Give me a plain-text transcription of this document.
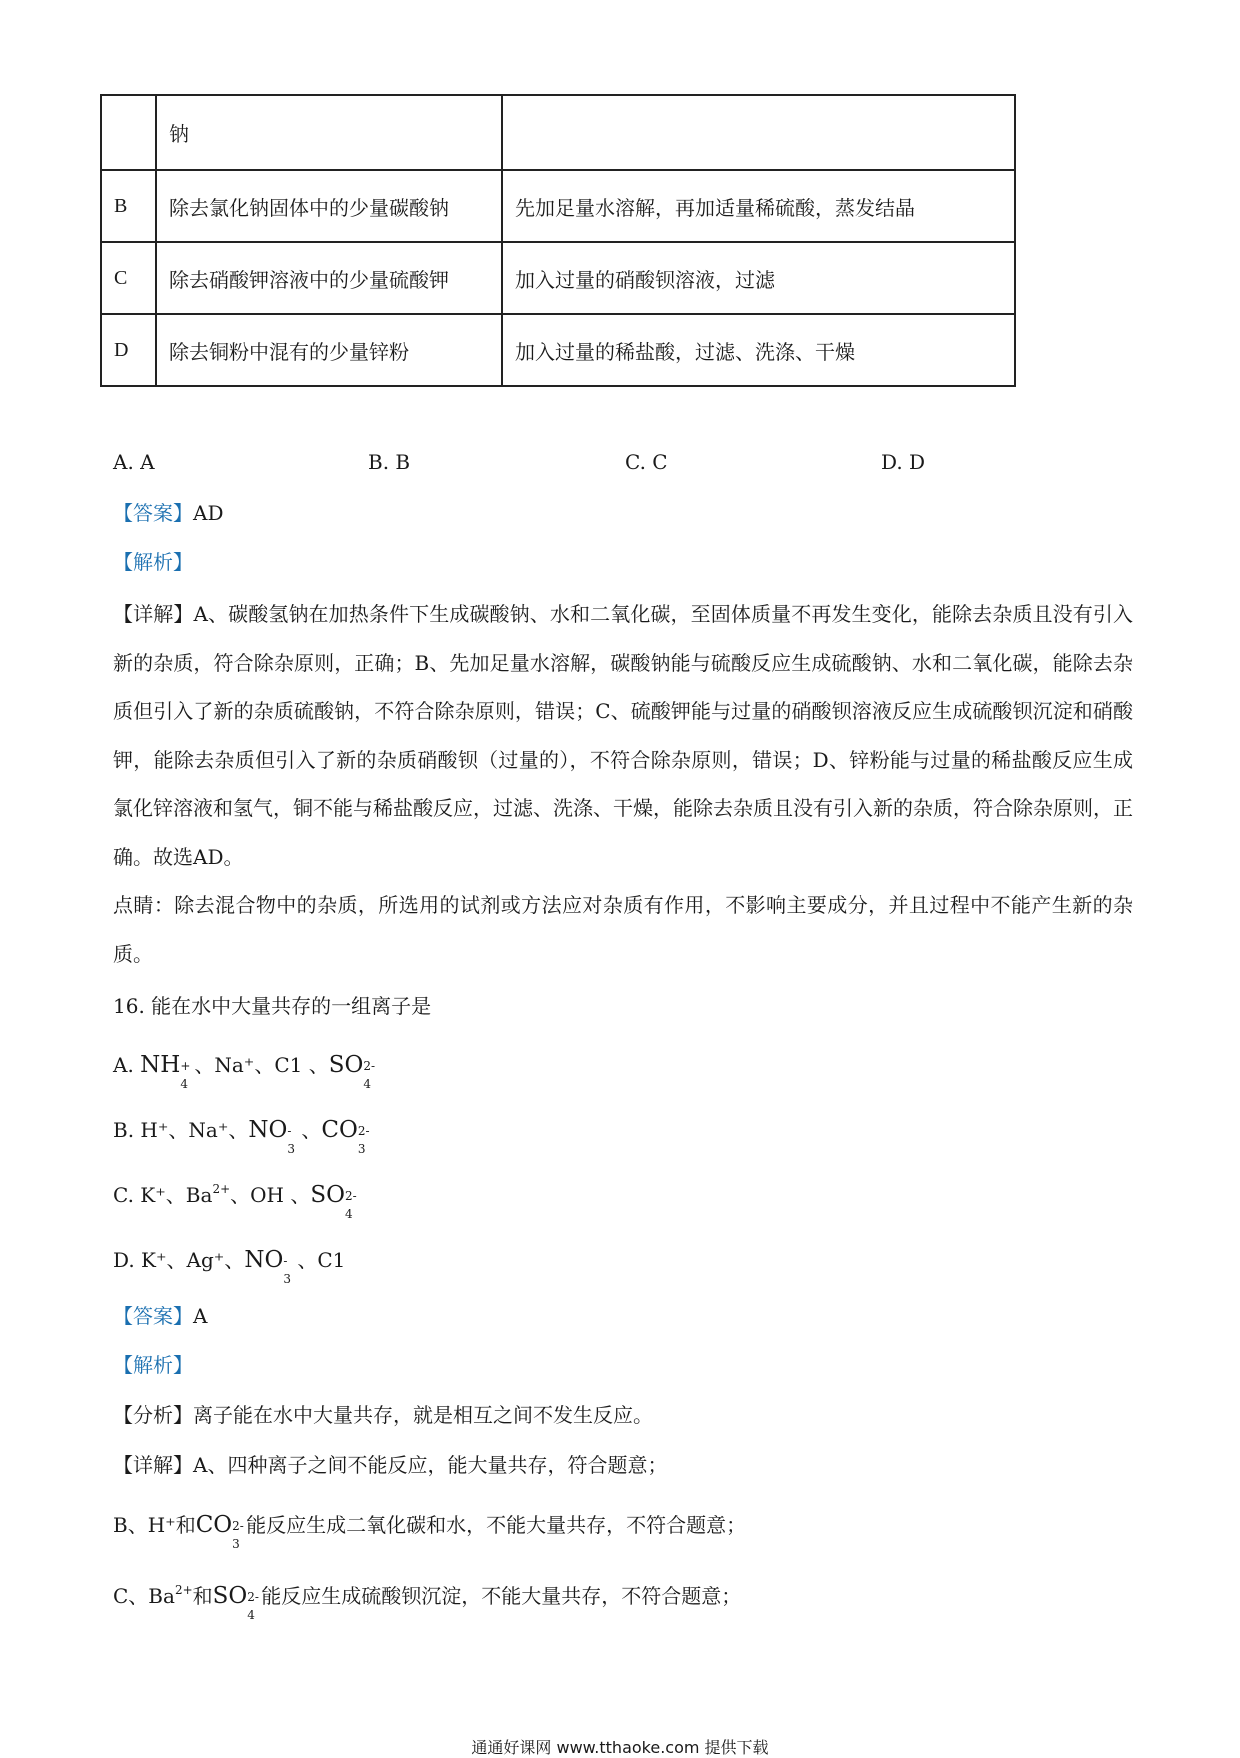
	钠	
B	除去氯化钠固体中的少量碳酸钠	先加足量水溶解，再加适量稀硫酸，蒸发结晶
C	除去硝酸钾溶液中的少量硫酸钾	加入过量的硝酸钡溶液，过滤
D	除去铜粉中混有的少量锌粉	加入过量的稀盐酸，过滤、洗涤、干燥
A. A	B. B	C. C	D. D
【答案】AD
【解析】
【详解】A、碳酸氢钠在加热条件下生成碳酸钠、水和二氧化碳，至固体质量不再发生变化，能除去杂质且没有引入新的杂质，符合除杂原则，正确；B、先加足量水溶解，碳酸钠能与硫酸反应生成硫酸钠、水和二氧化碳，能除去杂质但引入了新的杂质硫酸钠，不符合除杂原则，错误；C、硫酸钾能与过量的硝酸钡溶液反应生成硫酸钡沉淀和硝酸钾，能除去杂质但引入了新的杂质硝酸钡（过量的），不符合除杂原则，错误；D、锌粉能与过量的稀盐酸反应生成氯化锌溶液和氢气，铜不能与稀盐酸反应，过滤、洗涤、干燥，能除去杂质且没有引入新的杂质，符合除杂原则，正确。故选AD。
点睛：除去混合物中的杂质，所选用的试剂或方法应对杂质有作用，不影响主要成分，并且过程中不能产生新的杂质。
16. 能在水中大量共存的一组离子是
A. NH +
4
、Na⁺、C1 、SO 2-
4
B. H⁺、Na⁺、NO -
3
、CO 2-
3
C. K⁺、$Ba^{2+}$、OH 、SO 2-
4
D. K⁺、Ag⁺、NO -
3
、C1
【答案】A
【解析】
【分析】离子能在水中大量共存，就是相互之间不发生反应。
【详解】A、四种离子之间不能反应，能大量共存，符合题意；
B、H⁺和CO 2-
3
能反应生成二氧化碳和水，不能大量共存，不符合题意；
C、$Ba^{2+}$和SO 2-
4
能反应生成硫酸钡沉淀，不能大量共存，不符合题意；
通通好课网 www.tthaoke.com 提供下载
